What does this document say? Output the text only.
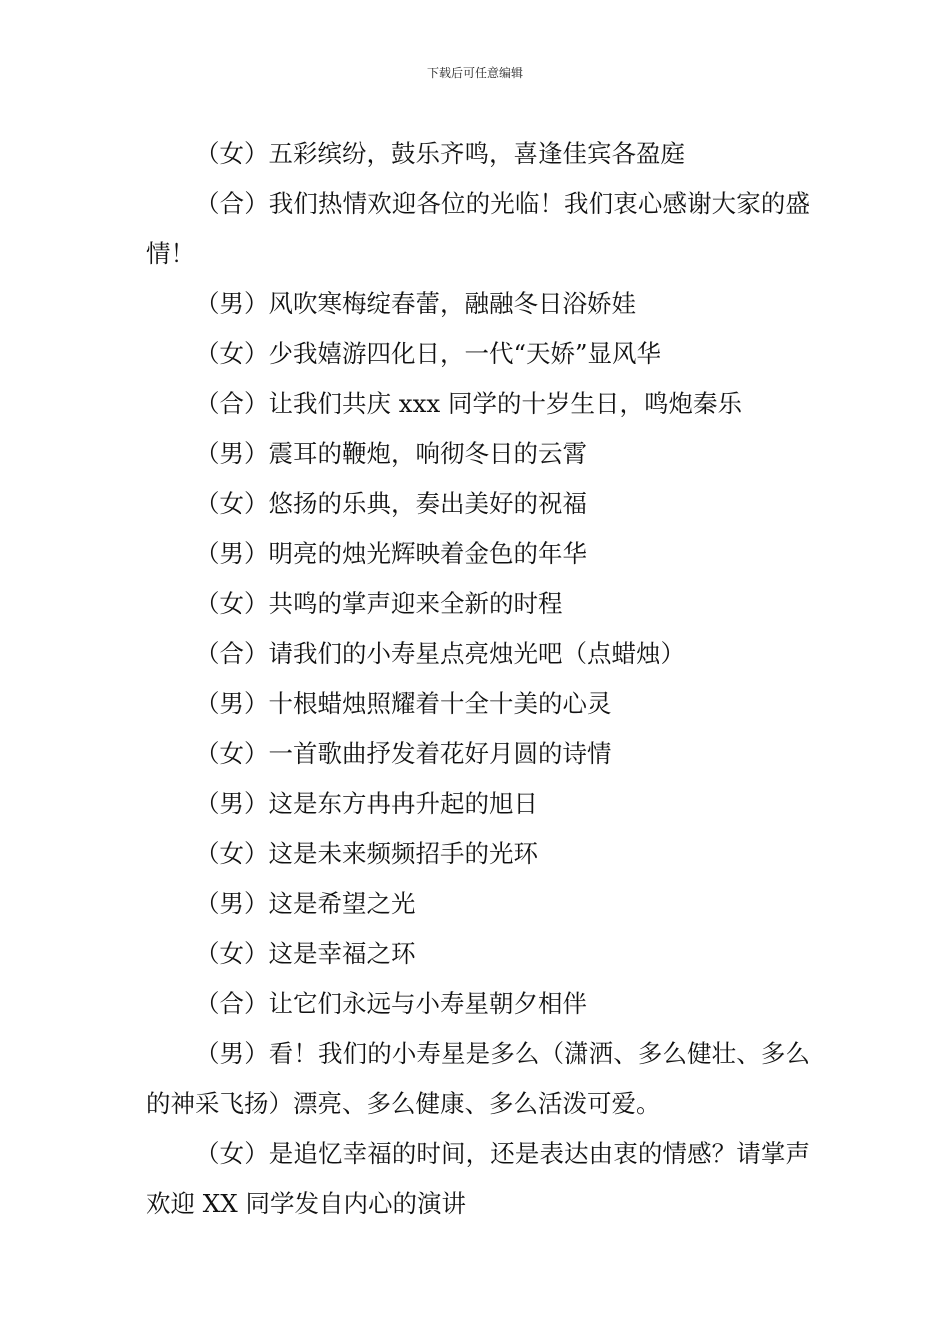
下载后可任意编辑

（女）五彩缤纷，鼓乐齐鸣，喜逢佳宾各盈庭

（合）我们热情欢迎各位的光临！我们衷心感谢大家的盛情！

（男）风吹寒梅绽春蕾，融融冬日浴娇娃

（女）少我嬉游四化日，一代“天娇”显风华

（合）让我们共庆 xxx 同学的十岁生日，鸣炮秦乐

（男）震耳的鞭炮，响彻冬日的云霄

（女）悠扬的乐典，奏出美好的祝福

（男）明亮的烛光辉映着金色的年华

（女）共鸣的掌声迎来全新的时程

（合）请我们的小寿星点亮烛光吧（点蜡烛）

（男）十根蜡烛照耀着十全十美的心灵

（女）一首歌曲抒发着花好月圆的诗情

（男）这是东方冉冉升起的旭日

（女）这是未来频频招手的光环

（男）这是希望之光

（女）这是幸福之环

（合）让它们永远与小寿星朝夕相伴

（男）看！我们的小寿星是多么（潇洒、多么健壮、多么的神采飞扬）漂亮、多么健康、多么活泼可爱。

（女）是追忆幸福的时间，还是表达由衷的情感？请掌声欢迎 XX 同学发自内心的演讲
